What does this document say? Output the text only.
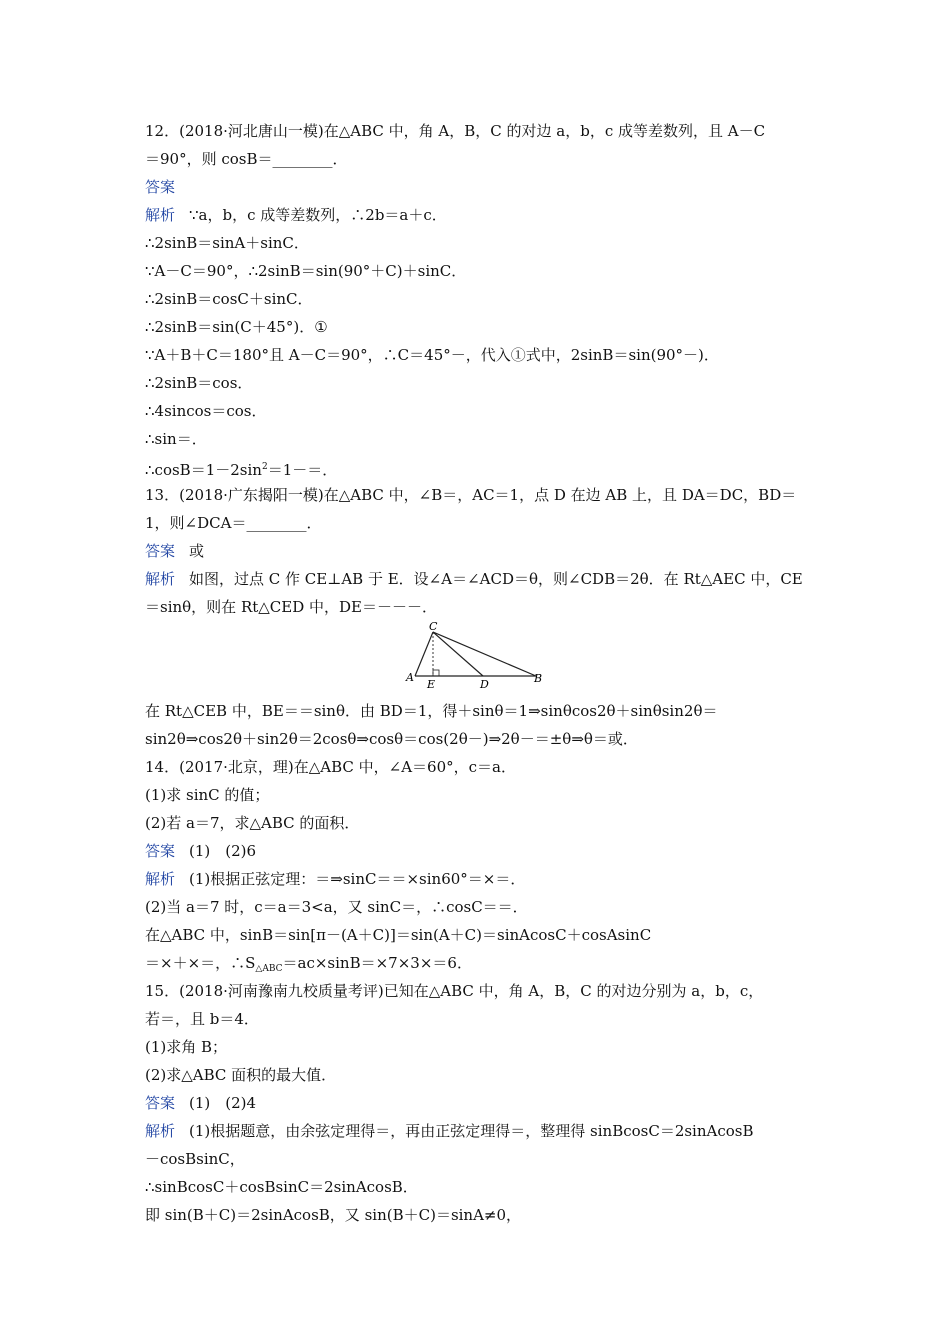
12．(2018·河北唐山一模)在△ABC 中，角 A，B，C 的对边 a，b，c 成等差数列，且 A－C
＝90°，则 cosB＝________．
答案
解析 ∵a，b，c 成等差数列，∴2b＝a＋c．
∴2sinB＝sinA＋sinC．
∵A－C＝90°，∴2sinB＝sin(90°＋C)＋sinC．
∴2sinB＝cosC＋sinC．
∴2sinB＝sin(C＋45°)．①
∵A＋B＋C＝180°且 A－C＝90°，∴C＝45°－，代入①式中，2sinB＝sin(90°－)．
∴2sinB＝cos．
∴4sincos＝cos．
∴sin＝．
$\therefore\cos B=1-2\sin^2=1-=$．
13．(2018·广东揭阳一模)在△ABC 中，∠B＝，AC＝1，点 D 在边 AB 上，且 DA＝DC，BD＝
1，则∠DCA＝________．
答案 或
解析 如图，过点 C 作 CE⊥AB 于 E．设∠A＝∠ACD＝θ，则∠CDB＝2θ．在 Rt△AEC 中，CE
＝sinθ，则在 Rt△CED 中，DE＝－－－．
C
A
E	D	B
在 Rt△CEB 中，BE＝＝sinθ．由 BD＝1，得＋sinθ＝1⇒sinθcos2θ＋sinθsin2θ＝
sin2θ⇒cos2θ＋sin2θ＝2cosθ⇒cosθ＝cos(2θ－)⇒2θ－＝±θ⇒θ＝或．
14．(2017·北京，理)在△ABC 中，∠A＝60°，c＝a．
(1)求 sinC 的值；
(2)若 a＝7，求△ABC 的面积．
答案 (1)　(2)6
解析 (1)根据正弦定理：＝⇒sinC＝＝×sin60°＝×＝．
(2)当 a＝7 时，c＝a＝3<a，又 sinC＝，∴cosC＝＝．
在△ABC 中，sinB＝sin[π－(A＋C)]＝sin(A＋C)＝sinAcosC＋cosAsinC
＝×＋×＝，$\therefore S_{\triangle ABC}=ac\times\sin B=\times 7\times 3\times=6$．
15．(2018·河南豫南九校质量考评)已知在△ABC 中，角 A，B，C 的对边分别为 a，b，c，
若＝，且 b＝4．
(1)求角 B；
(2)求△ABC 面积的最大值．
答案 (1)　(2)4
解析 (1)根据题意，由余弦定理得＝，再由正弦定理得＝，整理得 sinBcosC＝2sinAcosB
－cosBsinC，
∴sinBcosC＋cosBsinC＝2sinAcosB．
即 sin(B＋C)＝2sinAcosB，又 sin(B＋C)＝sinA≠0，
